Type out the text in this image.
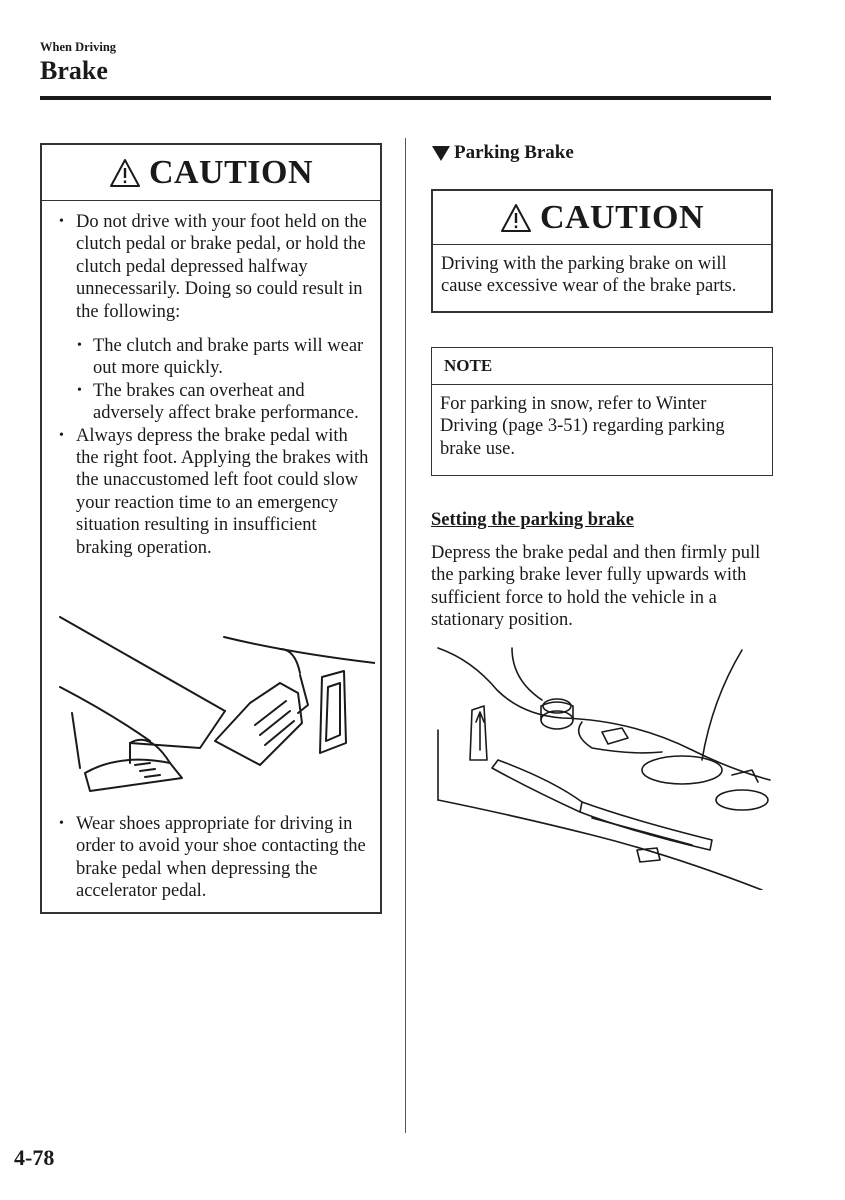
When Driving
Brake
CAUTION
• Do not drive with your foot held on the clutch pedal or brake pedal, or hold the clutch pedal depressed halfway unnecessarily. Doing so could result in the following:
• The clutch and brake parts will wear out more quickly.
• The brakes can overheat and adversely affect brake performance.
• Always depress the brake pedal with the right foot. Applying the brakes with the unaccustomed left foot could slow your reaction time to an emergency situation resulting in insufficient braking operation.
• Wear shoes appropriate for driving in order to avoid your shoe contacting the brake pedal when depressing the accelerator pedal.
Parking Brake
CAUTION
Driving with the parking brake on will cause excessive wear of the brake parts.
NOTE
For parking in snow, refer to Winter Driving (page 3-51) regarding parking brake use.
Setting the parking brake
Depress the brake pedal and then firmly pull the parking brake lever fully upwards with sufficient force to hold the vehicle in a stationary position.
4-78
